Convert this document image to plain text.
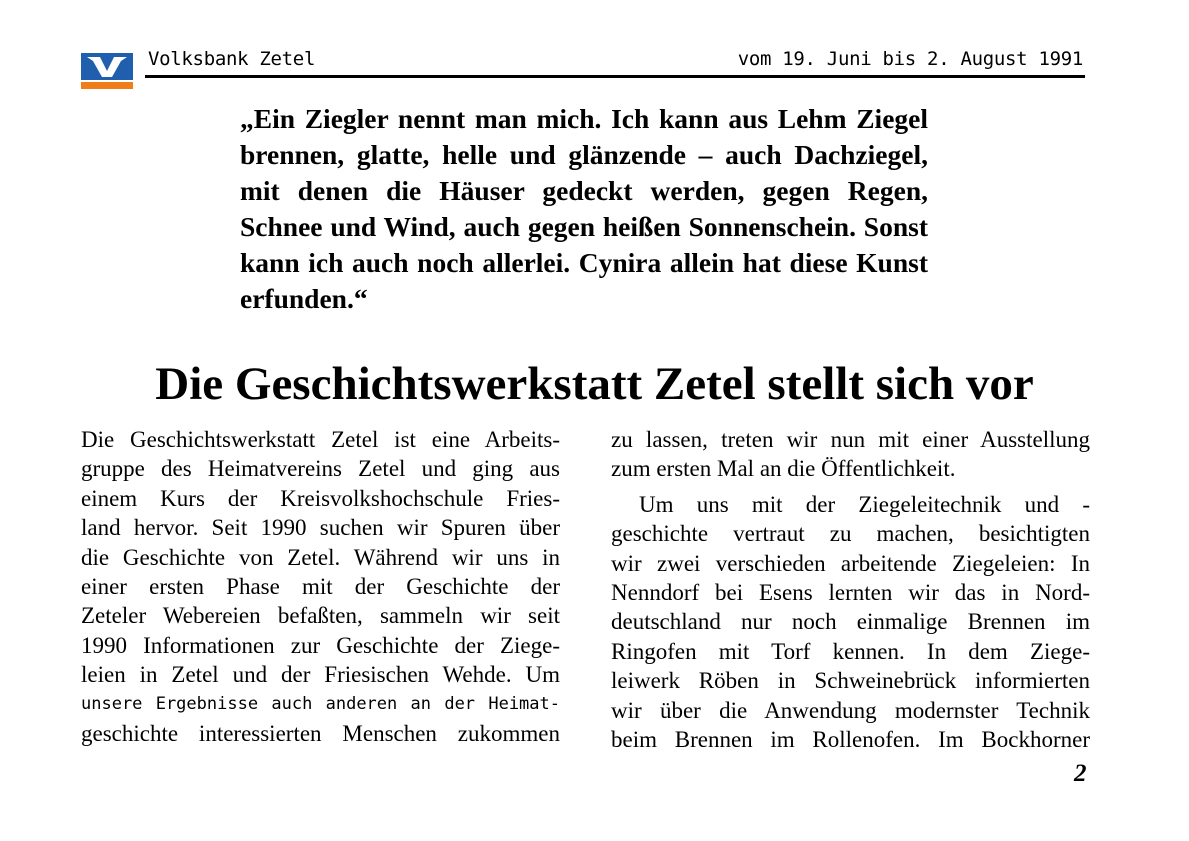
Volksbank Zetel	vom 19. Juni bis 2. August 1991

„Ein Ziegler nennt man mich. Ich kann aus Lehm Ziegel brennen, glatte, helle und glänzende – auch Dachziegel, mit denen die Häuser gedeckt werden, gegen Regen, Schnee und Wind, auch gegen heißen Sonnenschein. Sonst kann ich auch noch allerlei. Cynira allein hat diese Kunst erfunden.“

Die Geschichtswerkstatt Zetel stellt sich vor
Die Geschichtswerkstatt Zetel ist eine Arbeits-
gruppe des Heimatvereins Zetel und ging aus
einem Kurs der Kreisvolkshochschule Fries-
land hervor. Seit 1990 suchen wir Spuren über
die Geschichte von Zetel. Während wir uns in
einer ersten Phase mit der Geschichte der
Zeteler Webereien befaßten, sammeln wir seit
1990 Informationen zur Geschichte der Ziege-
leien in Zetel und der Friesischen Wehde. Um
unsere Ergebnisse auch anderen an der Heimat-
geschichte interessierten Menschen zukommen
zu lassen, treten wir nun mit einer Ausstellung
zum ersten Mal an die Öffentlichkeit.
Um uns mit der Ziegeleitechnik und -
geschichte vertraut zu machen, besichtigten
wir zwei verschieden arbeitende Ziegeleien: In
Nenndorf bei Esens lernten wir das in Nord-
deutschland nur noch einmalige Brennen im
Ringofen mit Torf kennen. In dem Ziege-
leiwerk Röben in Schweinebrück informierten
wir über die Anwendung modernster Technik
beim Brennen im Rollenofen. Im Bockhorner
2
